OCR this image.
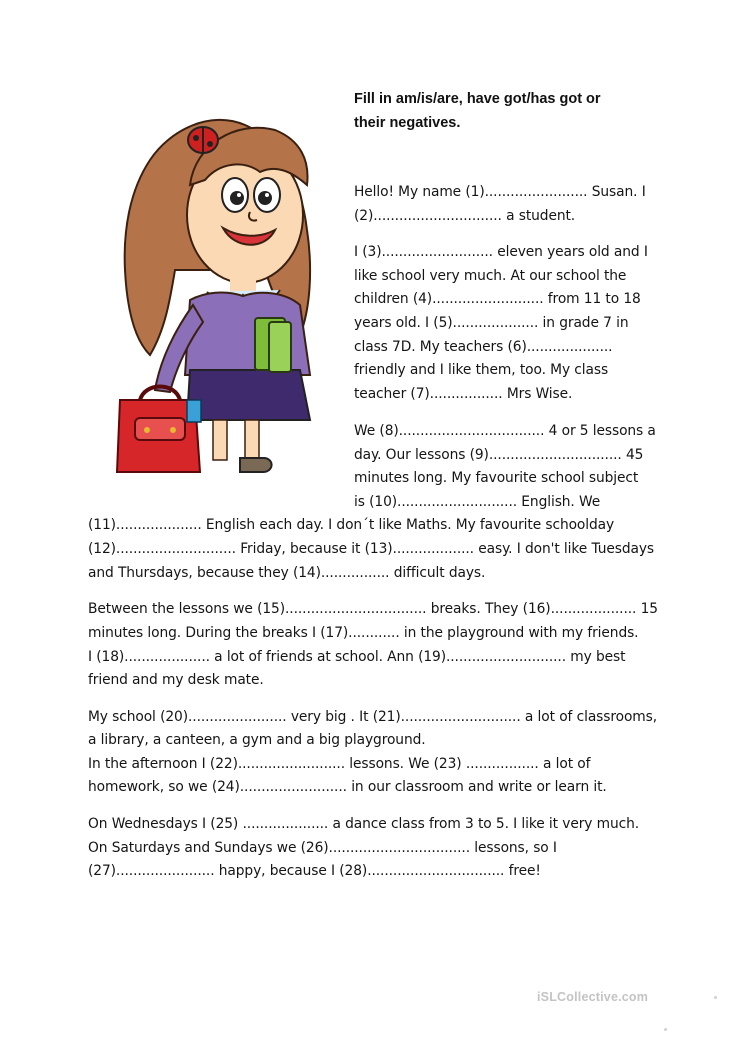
Fill in am/is/are, have got/has got or
their negatives.
Hello! My name (1)........................ Susan. I
(2).............................. a student.
I (3).......................... eleven years old and I
like school very much. At our school the
children (4).......................... from 11 to 18
years old. I (5).................... in grade 7 in
class 7D. My teachers (6)....................
friendly and I like them, too. My class
teacher (7)................. Mrs Wise.
We (8).................................. 4 or 5 lessons a
day. Our lessons (9)............................... 45
minutes long. My favourite school subject
is (10)............................ English. We
(11).................... English each day. I don´t like Maths. My favourite schoolday
(12)............................ Friday, because it (13)................... easy. I don't like Tuesdays
and Thursdays, because they (14)................ difficult days.
Between the lessons we (15)................................. breaks. They (16).................... 15
minutes long. During the breaks I (17)............ in the playground with my friends.
I (18).................... a lot of friends at school. Ann (19)............................ my best
friend and my desk mate.
My school (20)....................... very big . It (21)............................ a lot of classrooms,
a library, a canteen, a gym and a big playground.
In the afternoon I (22)......................... lessons. We (23) ................. a lot of
homework, so we (24)......................... in our classroom and write or learn it.
On Wednesdays I (25) .................... a dance class from 3 to 5. I like it very much.
On Saturdays and Sundays we (26)................................. lessons, so I
(27)....................... happy, because I (28)................................ free!
iSLCollective.com
